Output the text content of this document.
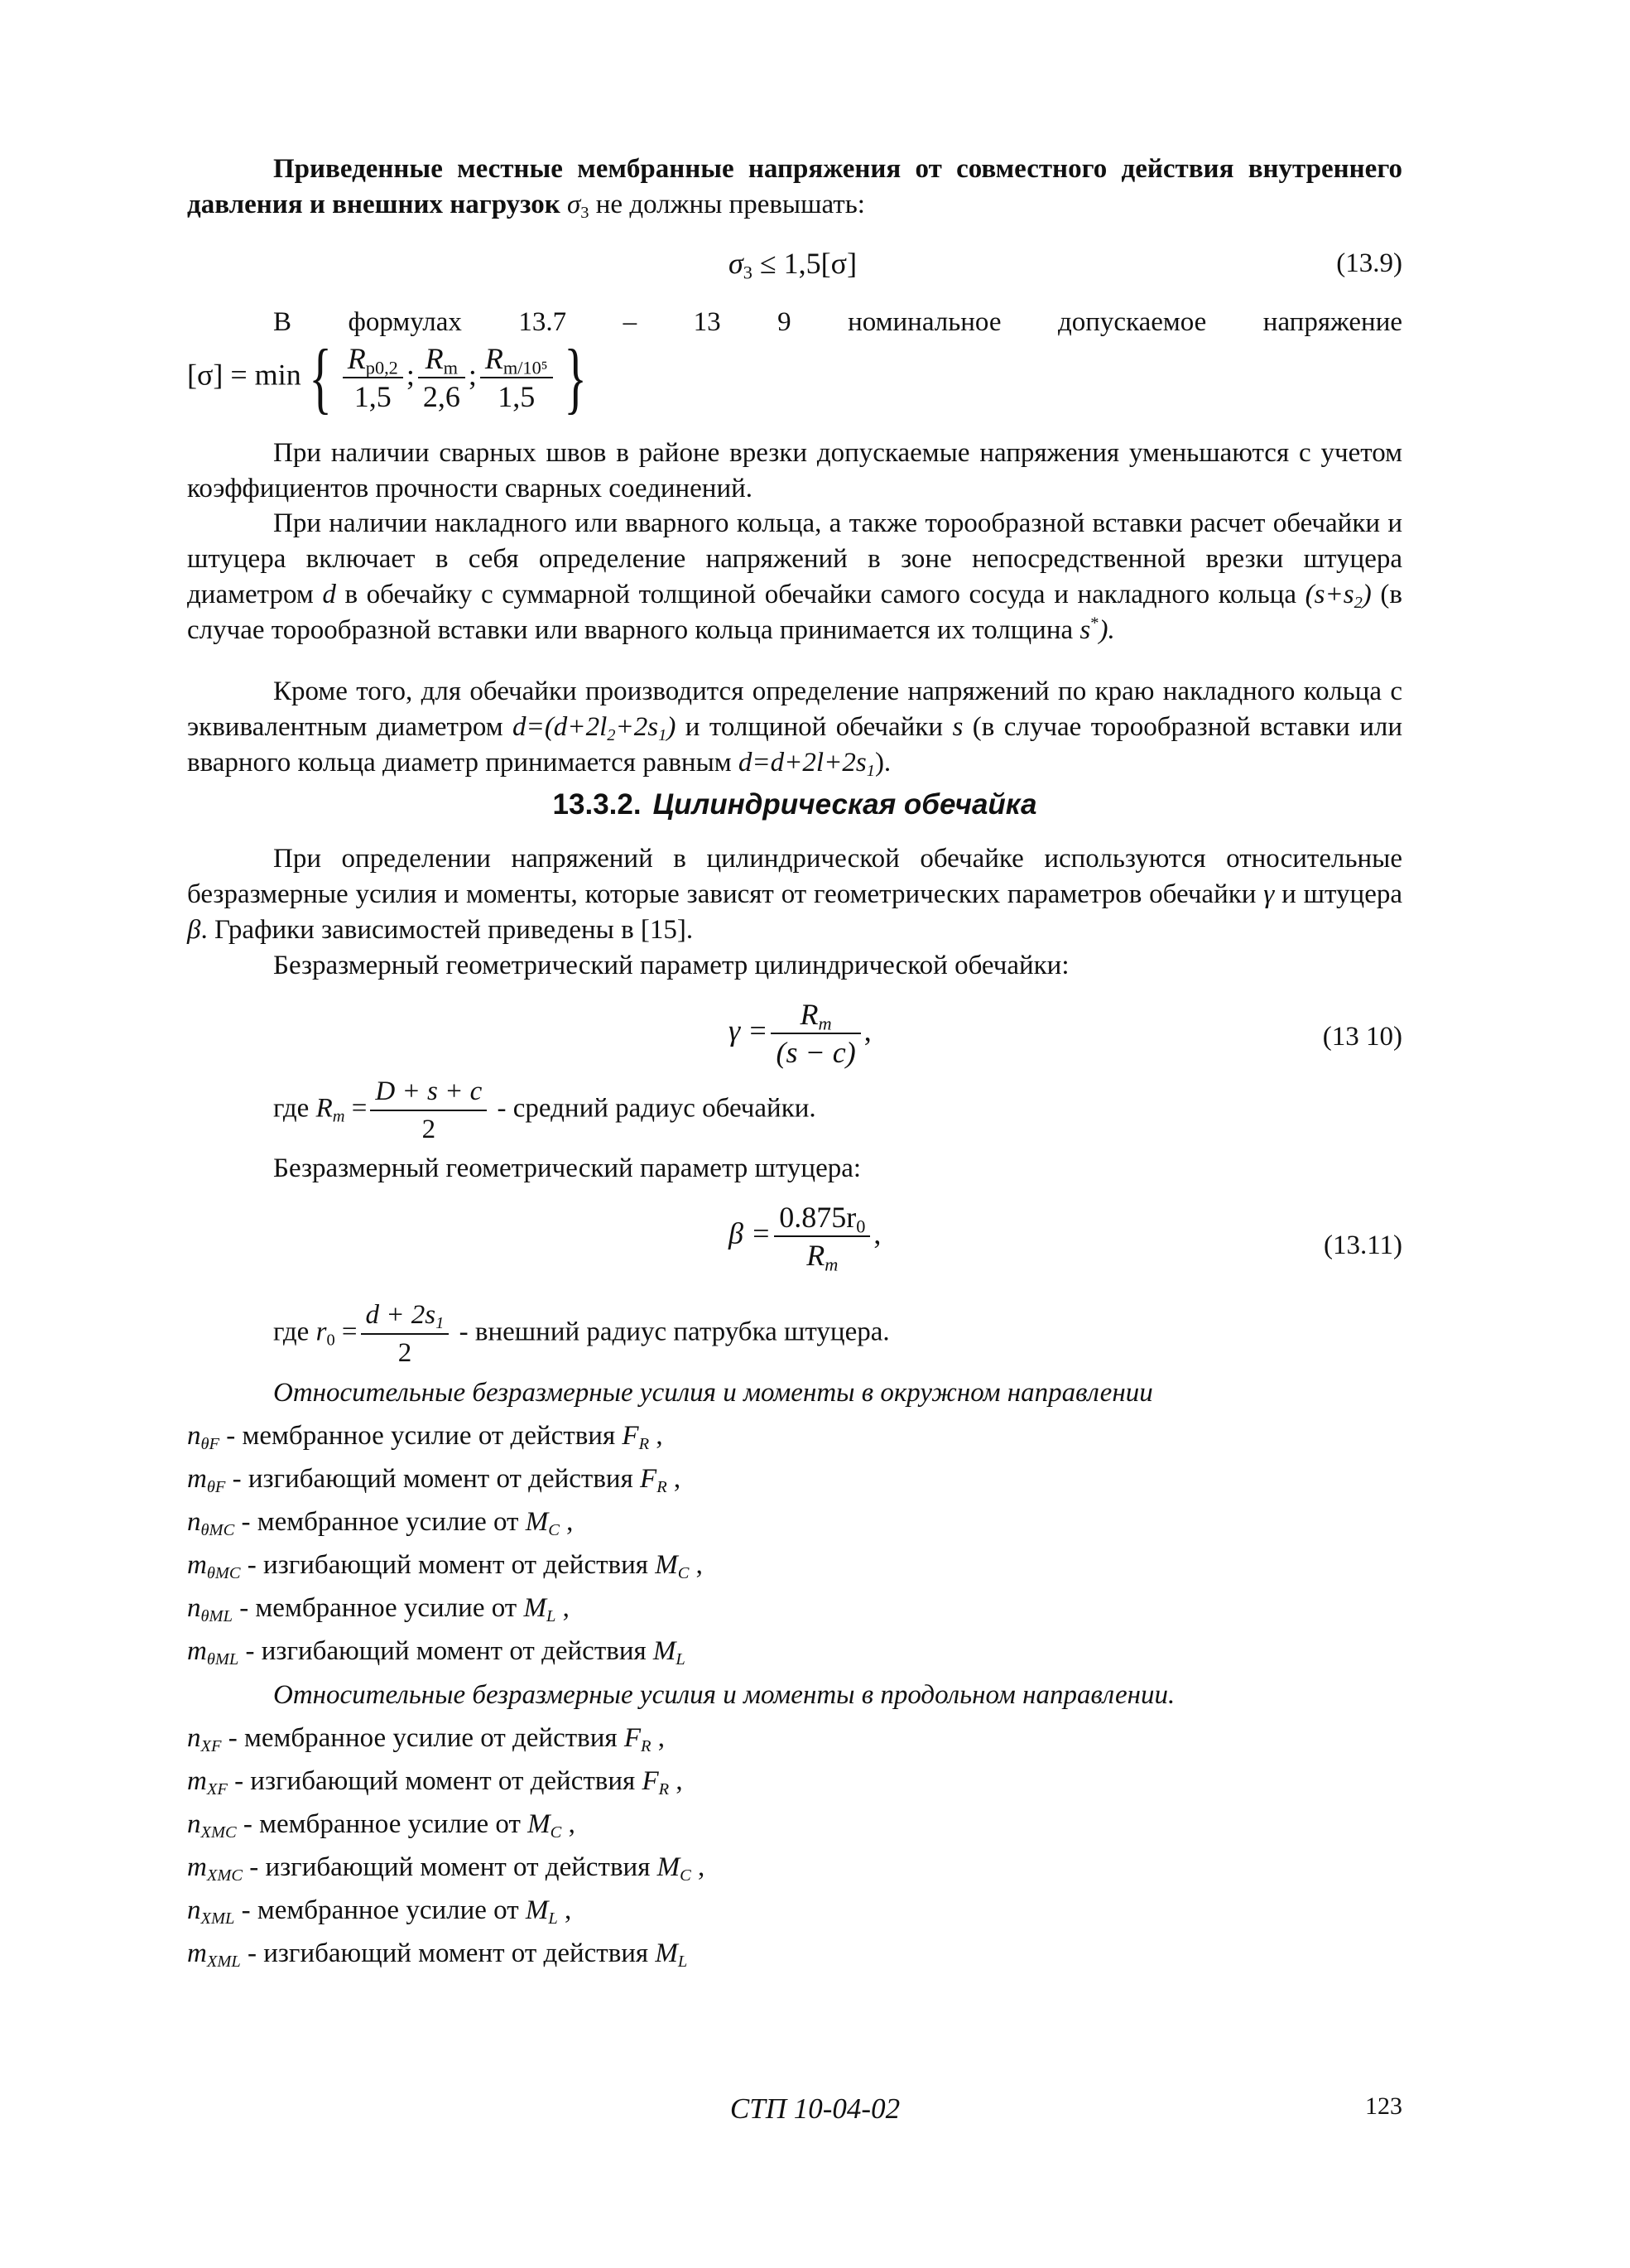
Приведенные местные мембранные напряжения от совместного действия внутреннего давления и внешних нагрузок $\sigma_3$ не должны превышать:
$\sigma_3 \le 1,5[\sigma]$	(13.9)
В формулах 13.7 – 13 9 номинальное допускаемое напряжение
$[\sigma] = \min\{ \frac{R_{p0,2}}{1,5}$ ; $\frac{R_m}{2,6}$ ; $\frac{R_{m/10^5}}{1,5}$ }
При наличии сварных швов в районе врезки допускаемые напряжения уменьшаются с учетом коэффициентов прочности сварных соединений.
При наличии накладного или вварного кольца, а также торообразной вставки расчет обечайки и штуцера включает в себя определение напряжений в зоне непосредственной врезки штуцера диаметром d в обечайку с суммарной толщиной обечайки самого сосуда и накладного кольца $(s+s_2)$ (в случае торообразной вставки или вварного кольца принимается их толщина s*).
Кроме того, для обечайки производится определение напряжений по краю накладного кольца с эквивалентным диаметром $d=(d+2l_2+2s_1)$ и толщиной обечайки s (в случае торообразной вставки или вварного кольца диаметр принимается равным $d=d+2l+2s_1$).
13.3.2. Цилиндрическая обечайка
При определении напряжений в цилиндрической обечайке используются относительные безразмерные усилия и моменты, которые зависят от геометрических параметров обечайки γ и штуцера β. Графики зависимостей приведены в [15].
Безразмерный геометрический параметр цилиндрической обечайки:
$\gamma = \frac{R_m}{(s - c)}$ ,	(13 10)
где $R_m = \frac{D + s + c}{2}$ - средний радиус обечайки.
Безразмерный геометрический параметр штуцера:
$\beta = \frac{0.875r_0}{R_m}$ ,	(13.11)
где $r_0 = \frac{d + 2s_1}{2}$ - внешний радиус патрубка штуцера.
Относительные безразмерные усилия и моменты в окружном направлении
$n_{\theta F}$ - мембранное усилие от действия $F_R$ ,
$m_{\theta F}$ - изгибающий момент от действия $F_R$ ,
$n_{\theta MC}$ - мембранное усилие от $M_C$ ,
$m_{\theta MC}$ - изгибающий момент от действия $M_C$ ,
$n_{\theta ML}$ - мембранное усилие от $M_L$ ,
$m_{\theta ML}$ - изгибающий момент от действия $M_L$
Относительные безразмерные усилия и моменты в продольном направлении.
$n_{XF}$ - мембранное усилие от действия $F_R$ ,
$m_{XF}$ - изгибающий момент от действия $F_R$ ,
$n_{XMC}$ - мембранное усилие от $M_C$ ,
$m_{XMC}$ - изгибающий момент от действия $M_C$ ,
$n_{XML}$ - мембранное усилие от $M_L$ ,
$m_{XML}$ - изгибающий момент от действия $M_L$
СТП 10-04-02	123
